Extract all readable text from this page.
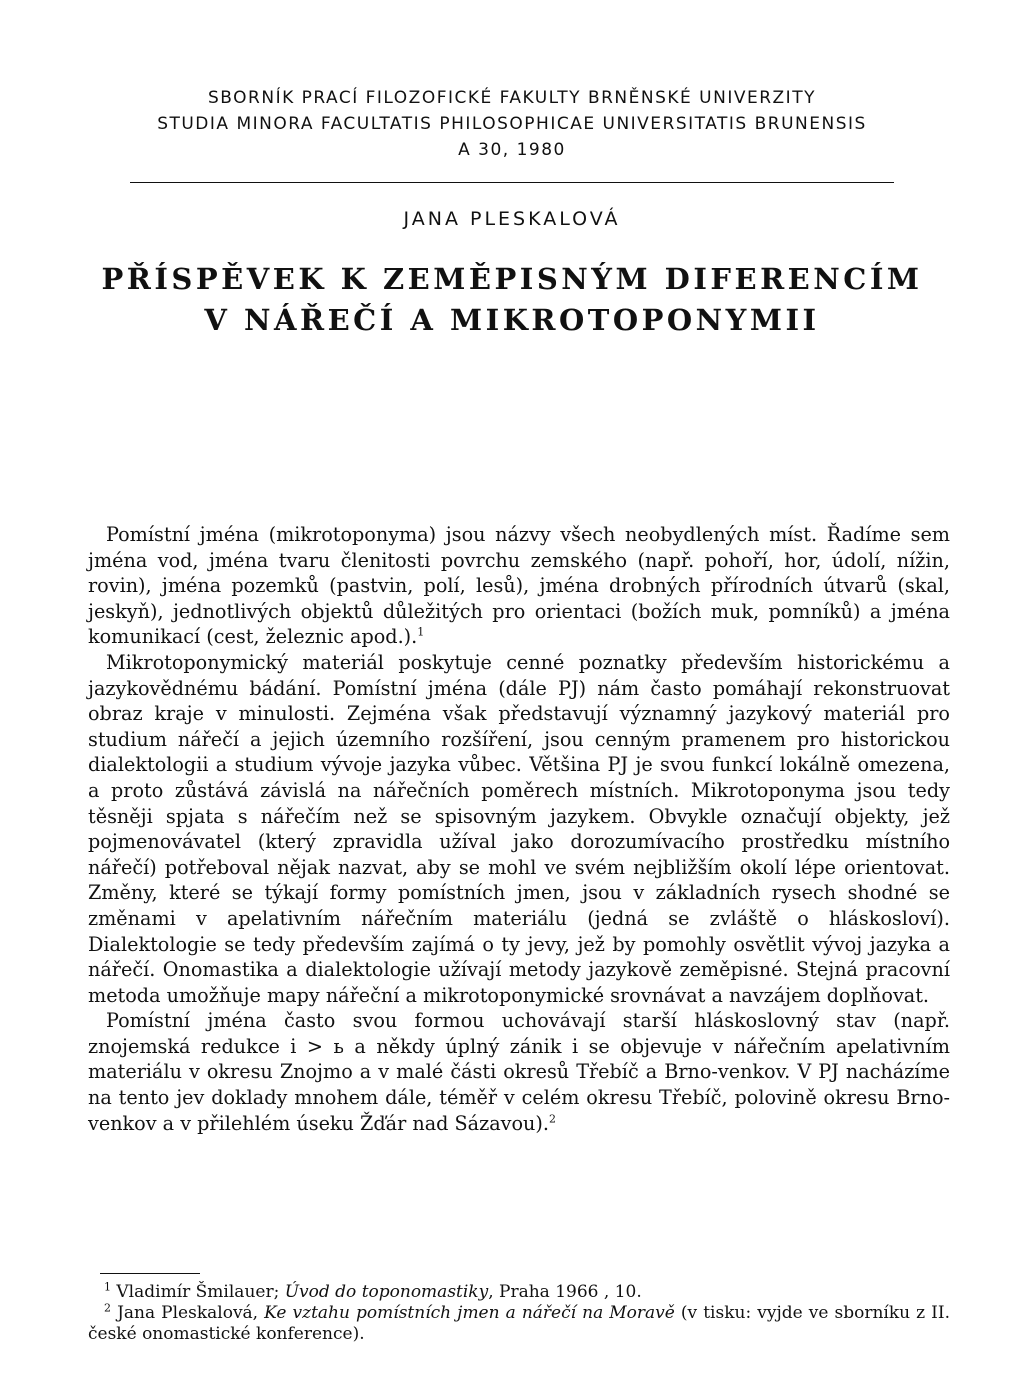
SBORNÍK PRACÍ FILOZOFICKÉ FAKULTY BRNĚNSKÉ UNIVERZITY
STUDIA MINORA FACULTATIS PHILOSOPHICAE UNIVERSITATIS BRUNENSIS
A 30, 1980
JANA PLESKALOVÁ
PŘÍSPĚVEK K ZEMĚPISNÝM DIFERENCÍM
V NÁŘEČÍ A MIKROTOPONYMII

Pomístní jména (mikrotoponyma) jsou názvy všech neobydlených míst. Řadíme sem jména vod, jména tvaru členitosti povrchu zemského (např. pohoří, hor, údolí, nížin, rovin), jména pozemků (pastvin, polí, lesů), jména drobných přírodních útvarů (skal, jeskyň), jednotlivých objektů důležitých pro orientaci (božích muk, pomníků) a jména komunikací (cest, železnic apod.).$^1$

Mikrotoponymický materiál poskytuje cenné poznatky především historickému a jazykovědnému bádání. Pomístní jména (dále PJ) nám často pomáhají rekonstruovat obraz kraje v minulosti. Zejména však představují významný jazykový materiál pro studium nářečí a jejich územního rozšíření, jsou cenným pramenem pro historickou dialektologii a studium vývoje jazyka vůbec. Většina PJ je svou funkcí lokálně omezena, a proto zůstává závislá na nářečních poměrech místních. Mikrotoponyma jsou tedy těsněji spjata s nářečím než se spisovným jazykem. Obvykle označují objekty, jež pojmenovávatel (který zpravidla užíval jako dorozumívacího prostředku místního nářečí) potřeboval nějak nazvat, aby se mohl ve svém nejbližším okolí lépe orientovat. Změny, které se týkají formy pomístních jmen, jsou v základních rysech shodné se změnami v apelativním nářečním materiálu (jedná se zvláště o hláskosloví). Dialektologie se tedy především zajímá o ty jevy, jež by pomohly osvětlit vývoj jazyka a nářečí. Onomastika a dialektologie užívají metody jazykově zeměpisné. Stejná pracovní metoda umožňuje mapy nářeční a mikrotoponymické srovnávat a navzájem doplňovat.

Pomístní jména často svou formou uchovávají starší hláskoslovný stav (např. znojemská redukce i > ь a někdy úplný zánik i se objevuje v nářečním apelativním materiálu v okresu Znojmo a v malé části okresů Třebíč a Brno-venkov. V PJ nacházíme na tento jev doklady mnohem dále, téměř v celém okresu Třebíč, polovině okresu Brno-venkov a v přilehlém úseku Žďár nad Sázavou).$^2$

$^1$ Vladimír Šmilauer; Úvod do toponomastiky, Praha 1966 , 10.

$^2$ Jana Pleskalová, Ke vztahu pomístních jmen a nářečí na Moravě (v tisku: vyjde ve sborníku z II. české onomastické konference).
